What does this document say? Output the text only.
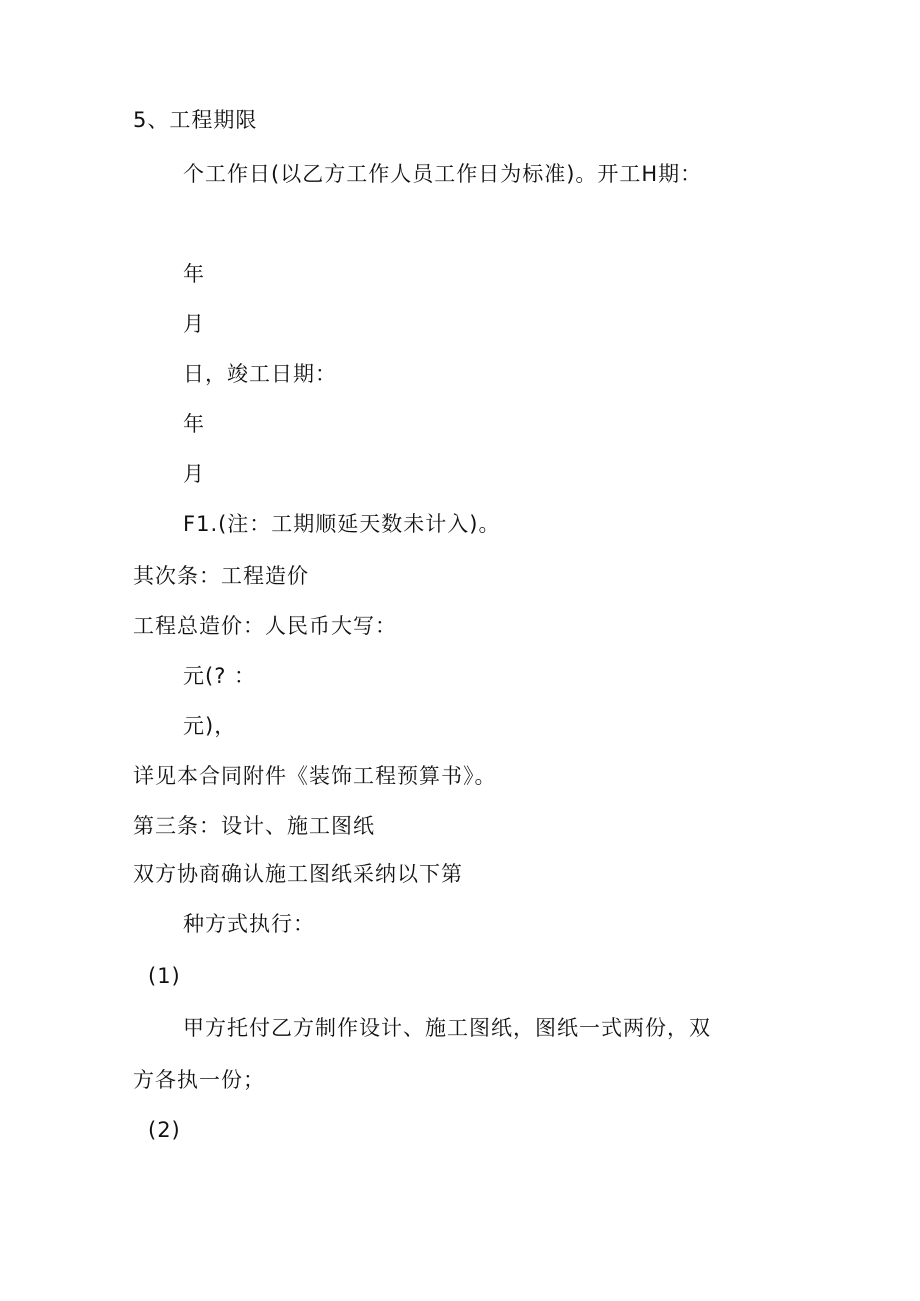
5、工程期限
个工作日(以乙方工作人员工作日为标准)。开工H期：
年
月
日，竣工日期：
年
月
F1.(注：工期顺延天数未计入)。
其次条：工程造价
工程总造价：人民币大写：
元(? ：
元)，
详见本合同附件《装饰工程预算书》。
第三条：设计、施工图纸
双方协商确认施工图纸采纳以下第
种方式执行：
(1)
甲方托付乙方制作设计、施工图纸，图纸一式两份，双
方各执一份；
(2)
